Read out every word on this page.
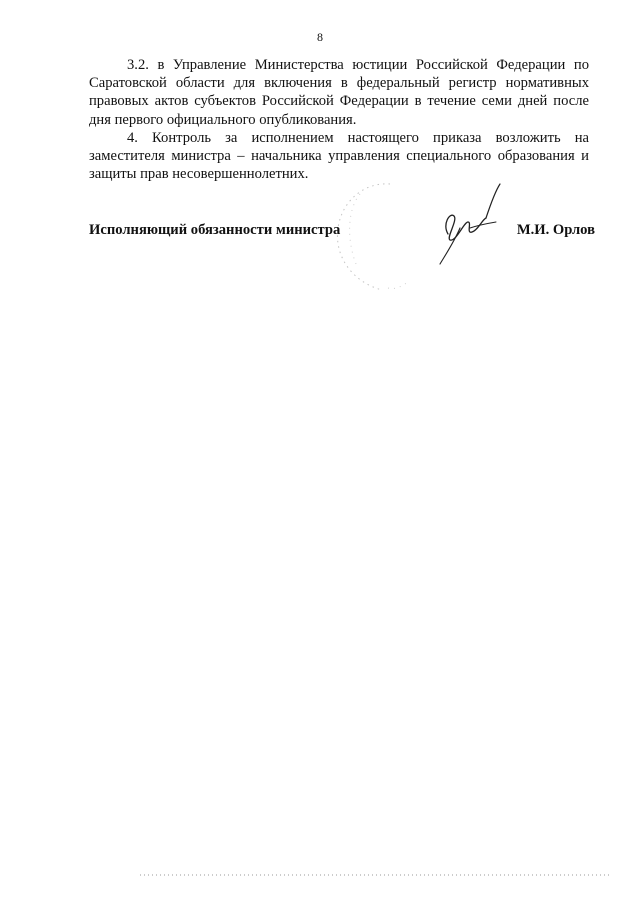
8

3.2. в Управление Министерства юстиции Российской Федерации по Саратовской области для включения в федеральный регистр нормативных правовых актов субъектов Российской Федерации в течение семи дней после дня первого официального опубликования.

4. Контроль за исполнением настоящего приказа возложить на заместителя министра – начальника управления специального образования и защиты прав несовершеннолетних.

Исполняющий обязанности министра	М.И. Орлов
